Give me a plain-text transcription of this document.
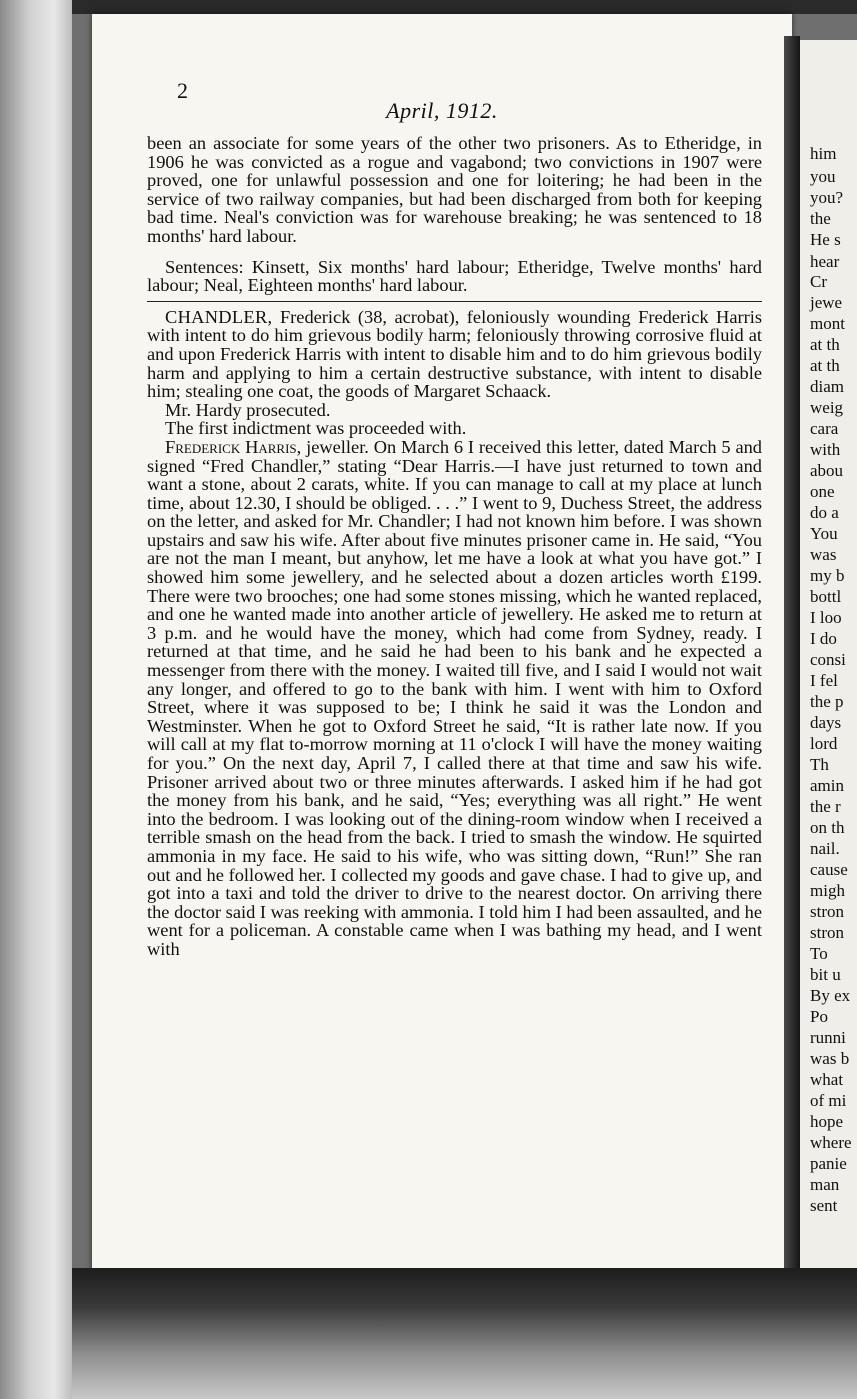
2
April, 1912.

been an associate for some years of the other two prisoners. As to Etheridge, in 1906 he was convicted as a rogue and vagabond; two convictions in 1907 were proved, one for unlawful possession and one for loitering; he had been in the service of two railway companies, but had been discharged from both for keeping bad time. Neal's conviction was for warehouse breaking; he was sentenced to 18 months' hard labour.

Sentences: Kinsett, Six months' hard labour; Etheridge, Twelve months' hard labour; Neal, Eighteen months' hard labour.

CHANDLER, Frederick (38, acrobat), feloniously wounding Frederick Harris with intent to do him grievous bodily harm; feloniously throwing corrosive fluid at and upon Frederick Harris with intent to disable him and to do him grievous bodily harm and applying to him a certain destructive substance, with intent to disable him; stealing one coat, the goods of Margaret Schaack.

Mr. Hardy prosecuted.

The first indictment was proceeded with.

Frederick Harris, jeweller. On March 6 I received this letter, dated March 5 and signed “Fred Chandler,” stating “Dear Harris.—I have just returned to town and want a stone, about 2 carats, white. If you can manage to call at my place at lunch time, about 12.30, I should be obliged. . . .” I went to 9, Duchess Street, the address on the letter, and asked for Mr. Chandler; I had not known him before. I was shown upstairs and saw his wife. After about five minutes prisoner came in. He said, “You are not the man I meant, but anyhow, let me have a look at what you have got.” I showed him some jewellery, and he selected about a dozen articles worth £199. There were two brooches; one had some stones missing, which he wanted replaced, and one he wanted made into another article of jewellery. He asked me to return at 3 p.m. and he would have the money, which had come from Sydney, ready. I returned at that time, and he said he had been to his bank and he expected a messenger from there with the money. I waited till five, and I said I would not wait any longer, and offered to go to the bank with him. I went with him to Oxford Street, where it was supposed to be; I think he said it was the London and Westminster. When he got to Oxford Street he said, “It is rather late now. If you will call at my flat to-morrow morning at 11 o'clock I will have the money waiting for you.” On the next day, April 7, I called there at that time and saw his wife. Prisoner arrived about two or three minutes afterwards. I asked him if he had got the money from his bank, and he said, “Yes; everything was all right.” He went into the bedroom. I was looking out of the dining-room window when I received a terrible smash on the head from the back. I tried to smash the window. He squirted ammonia in my face. He said to his wife, who was sitting down, “Run!” She ran out and he followed her. I collected my goods and gave chase. I had to give up, and got into a taxi and told the driver to drive to the nearest doctor. On arriving there the doctor said I was reeking with ammonia. I told him I had been assaulted, and he went for a policeman. A constable came when I was bathing my head, and I went with

him
you
you?
the
He s
hear
Cr
jewe
mont
at th
at th
diam
weig
cara
with
abou
one
do a
You
was
my b
bottl
I loo
I do
consi
I fel
the p
days
lord
Th
amin
the r
on th
nail.
cause
migh
stron
stron
To
bit u
By ex
Po
runni
was b
what
of mi
hope
where
panie
man
sent
